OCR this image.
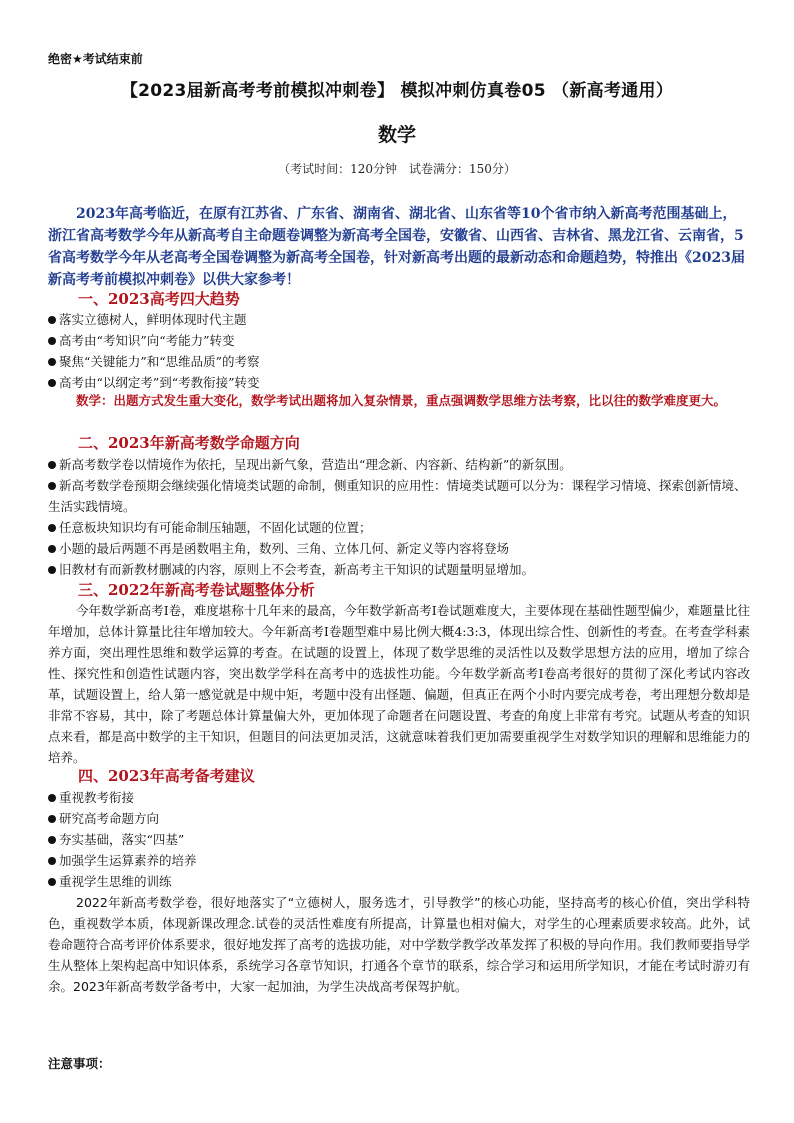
绝密★考试结束前
【2023届新高考考前模拟冲刺卷】 模拟冲刺仿真卷05 （新高考通用）
数学
（考试时间：120分钟　试卷满分：150分）
2023年高考临近，在原有江苏省、广东省、湖南省、湖北省、山东省等10个省市纳入新高考范围基础上，浙江省高考数学今年从新高考自主命题卷调整为新高考全国卷，安徽省、山西省、吉林省、黑龙江省、云南省，5省高考数学今年从老高考全国卷调整为新高考全国卷，针对新高考出题的最新动态和命题趋势，特推出《2023届新高考考前模拟冲刺卷》以供大家参考！
一、2023高考四大趋势
落实立德树人，鲜明体现时代主题
高考由“考知识”向“考能力”转变
聚焦“关键能力”和“思维品质”的考察
高考由“以纲定考”到“考教衔接”转变
数学：出题方式发生重大变化，数学考试出题将加入复杂情景，重点强调数学思维方法考察，比以往的数学难度更大。
二、2023年新高考数学命题方向
新高考数学卷以情境作为依托，呈现出新气象，营造出“理念新、内容新、结构新”的新氛围。
新高考数学卷预期会继续强化情境类试题的命制，侧重知识的应用性：情境类试题可以分为：课程学习情境、探索创新情境、生活实践情境。
任意板块知识均有可能命制压轴题，不固化试题的位置；
小题的最后两题不再是函数唱主角，数列、三角、立体几何、新定义等内容将登场
旧教材有而新教材删减的内容，原则上不会考查，新高考主干知识的试题量明显增加。
三、2022年新高考卷试题整体分析
今年数学新高考Ⅰ卷，难度堪称十几年来的最高，今年数学新高考Ⅰ卷试题难度大，主要体现在基础性题型偏少，难题量比往年增加，总体计算量比往年增加较大。今年新高考Ⅰ卷题型难中易比例大概4:3:3，体现出综合性、创新性的考查。在考查学科素养方面，突出理性思维和数学运算的考查。在试题的设置上，体现了数学思维的灵活性以及数学思想方法的应用，增加了综合性、探究性和创造性试题内容，突出数学学科在高考中的选拔性功能。今年数学新高考Ⅰ卷高考很好的贯彻了深化考试内容改革，试题设置上，给人第一感觉就是中规中矩，考题中没有出怪题、偏题，但真正在两个小时内要完成考卷，考出理想分数却是非常不容易，其中，除了考题总体计算量偏大外，更加体现了命题者在问题设置、考查的角度上非常有考究。试题从考查的知识点来看，都是高中数学的主干知识，但题目的问法更加灵活，这就意味着我们更加需要重视学生对数学知识的理解和思维能力的培养。
四、2023年高考备考建议
重视教考衔接
研究高考命题方向
夯实基础，落实“四基”
加强学生运算素养的培养
重视学生思维的训练
2022年新高考数学卷，很好地落实了“立德树人，服务选才，引导教学”的核心功能，坚持高考的核心价值，突出学科特色，重视数学本质，体现新课改理念.试卷的灵活性难度有所提高，计算量也相对偏大，对学生的心理素质要求较高。此外，试卷命题符合高考评价体系要求，很好地发挥了高考的选拔功能，对中学数学教学改革发挥了积极的导向作用。我们教师要指导学生从整体上架构起高中知识体系，系统学习各章节知识，打通各个章节的联系，综合学习和运用所学知识，才能在考试时游刃有余。2023年新高考数学备考中，大家一起加油，为学生决战高考保驾护航。
注意事项：
